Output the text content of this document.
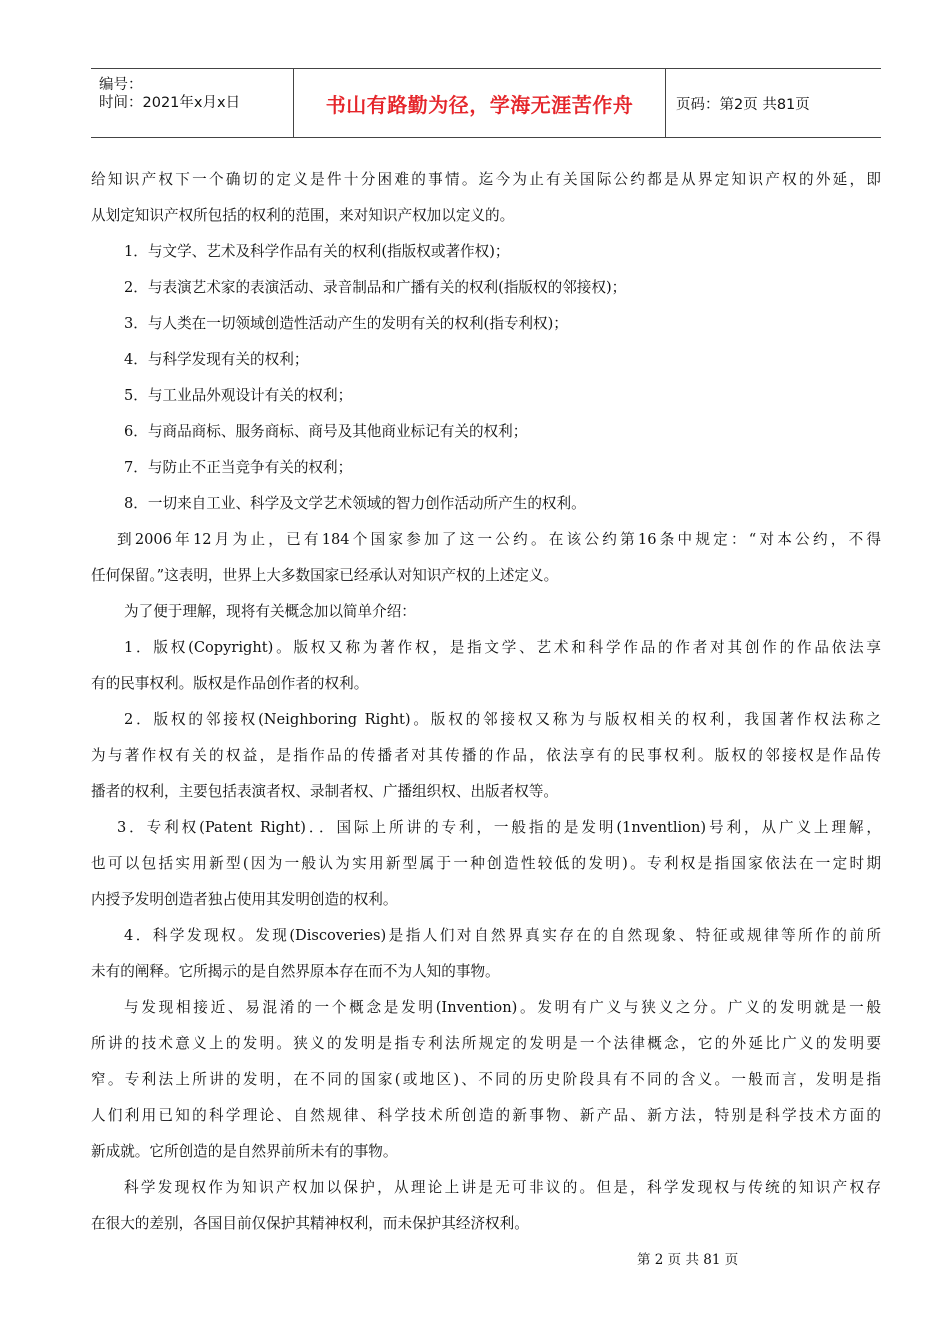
编号：
时间：2021年x月x日	书山有路勤为径，学海无涯苦作舟	页码：第2页 共81页
给知识产权下一个确切的定义是件十分困难的事情。迄今为止有关国际公约都是从界定知识产权的外延，即
从划定知识产权所包括的权利的范围，来对知识产权加以定义的。
1．与文学、艺术及科学作品有关的权利(指版权或著作权)；
2．与表演艺术家的表演活动、录音制品和广播有关的权利(指版权的邻接权)；
3．与人类在一切领域创造性活动产生的发明有关的权利(指专利权)；
4．与科学发现有关的权利；
5．与工业品外观设计有关的权利；
6．与商品商标、服务商标、商号及其他商业标记有关的权利；
7．与防止不正当竞争有关的权利；
8．一切来自工业、科学及文学艺术领域的智力创作活动所产生的权利。
到2006年12月为止，已有184个国家参加了这一公约。在该公约第16条中规定：“对本公约，不得
任何保留。”这表明，世界上大多数国家已经承认对知识产权的上述定义。
为了便于理解，现将有关概念加以简单介绍：
1．版权(Copyright)。版权又称为著作权，是指文学、艺术和科学作品的作者对其创作的作品依法享
有的民事权利。版权是作品创作者的权利。
2．版权的邻接权(Neighboring Right)。版权的邻接权又称为与版权相关的权利，我国著作权法称之
为与著作权有关的权益，是指作品的传播者对其传播的作品，依法享有的民事权利。版权的邻接权是作品传
播者的权利，主要包括表演者权、录制者权、广播组织权、出版者权等。
3．专利权(Patent Right)．．国际上所讲的专利，一般指的是发明(1nventlion)号利，从广义上理解，
也可以包括实用新型(因为一般认为实用新型属于一种创造性较低的发明)。专利权是指国家依法在一定时期
内授予发明创造者独占使用其发明创造的权利。
4．科学发现权。发现(Discoveries)是指人们对自然界真实存在的自然现象、特征或规律等所作的前所
未有的阐释。它所揭示的是自然界原本存在而不为人知的事物。
与发现相接近、易混淆的一个概念是发明(Invention)。发明有广义与狭义之分。广义的发明就是一般
所讲的技术意义上的发明。狭义的发明是指专利法所规定的发明是一个法律概念，它的外延比广义的发明要
窄。专利法上所讲的发明，在不同的国家(或地区)、不同的历史阶段具有不同的含义。一般而言，发明是指
人们利用已知的科学理论、自然规律、科学技术所创造的新事物、新产品、新方法，特别是科学技术方面的
新成就。它所创造的是自然界前所未有的事物。
科学发现权作为知识产权加以保护，从理论上讲是无可非议的。但是，科学发现权与传统的知识产权存
在很大的差别，各国目前仅保护其精神权利，而未保护其经济权利。
第 2 页 共 81 页
